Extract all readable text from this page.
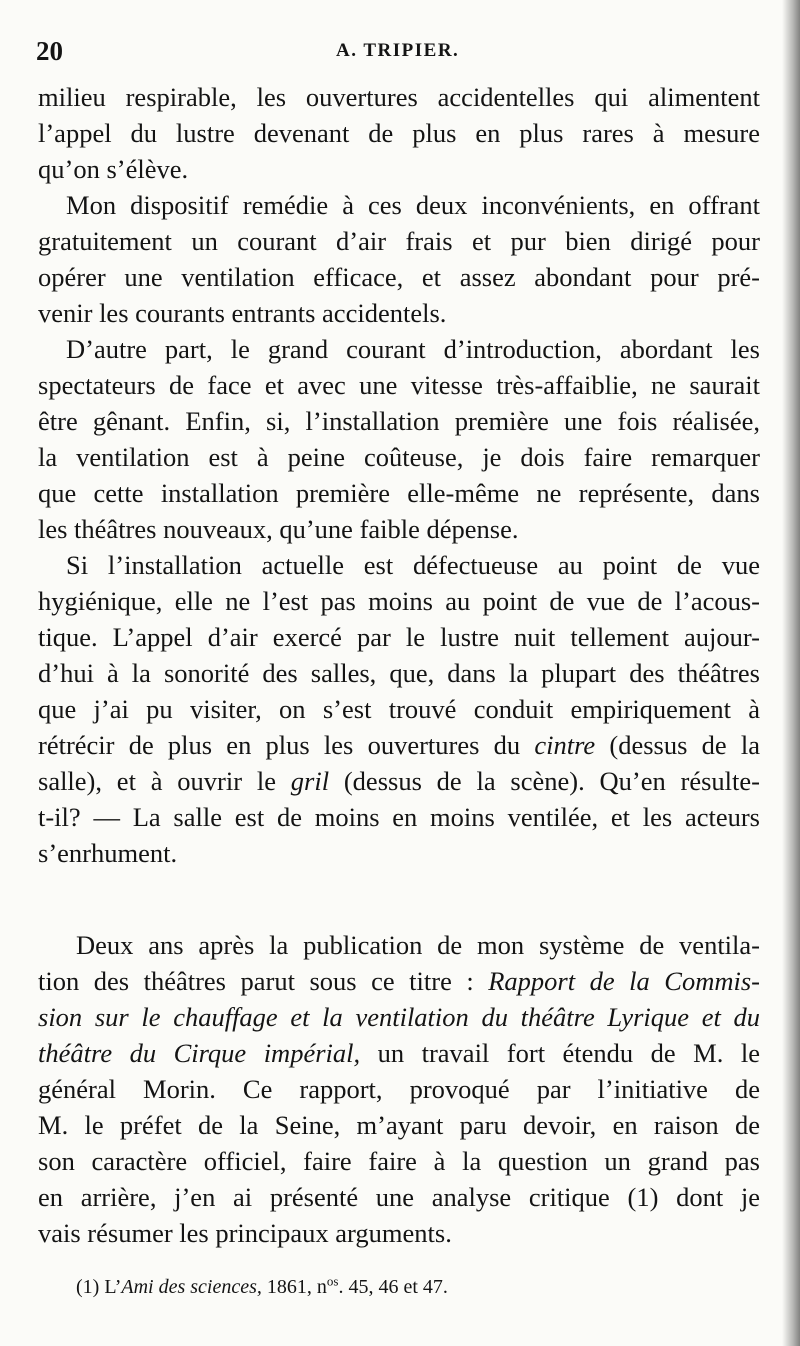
20	A. TRIPIER.
milieu respirable, les ouvertures accidentelles qui alimentent
l’appel du lustre devenant de plus en plus rares à mesure
qu’on s’élève.
Mon dispositif remédie à ces deux inconvénients, en offrant
gratuitement un courant d’air frais et pur bien dirigé pour
opérer une ventilation efficace, et assez abondant pour pré-
venir les courants entrants accidentels.
D’autre part, le grand courant d’introduction, abordant les
spectateurs de face et avec une vitesse très-affaiblie, ne saurait
être gênant. Enfin, si, l’installation première une fois réalisée,
la ventilation est à peine coûteuse, je dois faire remarquer
que cette installation première elle-même ne représente, dans
les théâtres nouveaux, qu’une faible dépense.
Si l’installation actuelle est défectueuse au point de vue
hygiénique, elle ne l’est pas moins au point de vue de l’acous-
tique. L’appel d’air exercé par le lustre nuit tellement aujour-
d’hui à la sonorité des salles, que, dans la plupart des théâtres
que j’ai pu visiter, on s’est trouvé conduit empiriquement à
rétrécir de plus en plus les ouvertures du cintre (dessus de la
salle), et à ouvrir le gril (dessus de la scène). Qu’en résulte-
t-il? — La salle est de moins en moins ventilée, et les acteurs
s’enrhument.
Deux ans après la publication de mon système de ventila-
tion des théâtres parut sous ce titre : Rapport de la Commis-
sion sur le chauffage et la ventilation du théâtre Lyrique et du
théâtre du Cirque impérial, un travail fort étendu de M. le
général Morin. Ce rapport, provoqué par l’initiative de
M. le préfet de la Seine, m’ayant paru devoir, en raison de
son caractère officiel, faire faire à la question un grand pas
en arrière, j’en ai présenté une analyse critique (1) dont je
vais résumer les principaux arguments.
(1) L’Ami des sciences, 1861, $n^{os}$. 45, 46 et 47.
